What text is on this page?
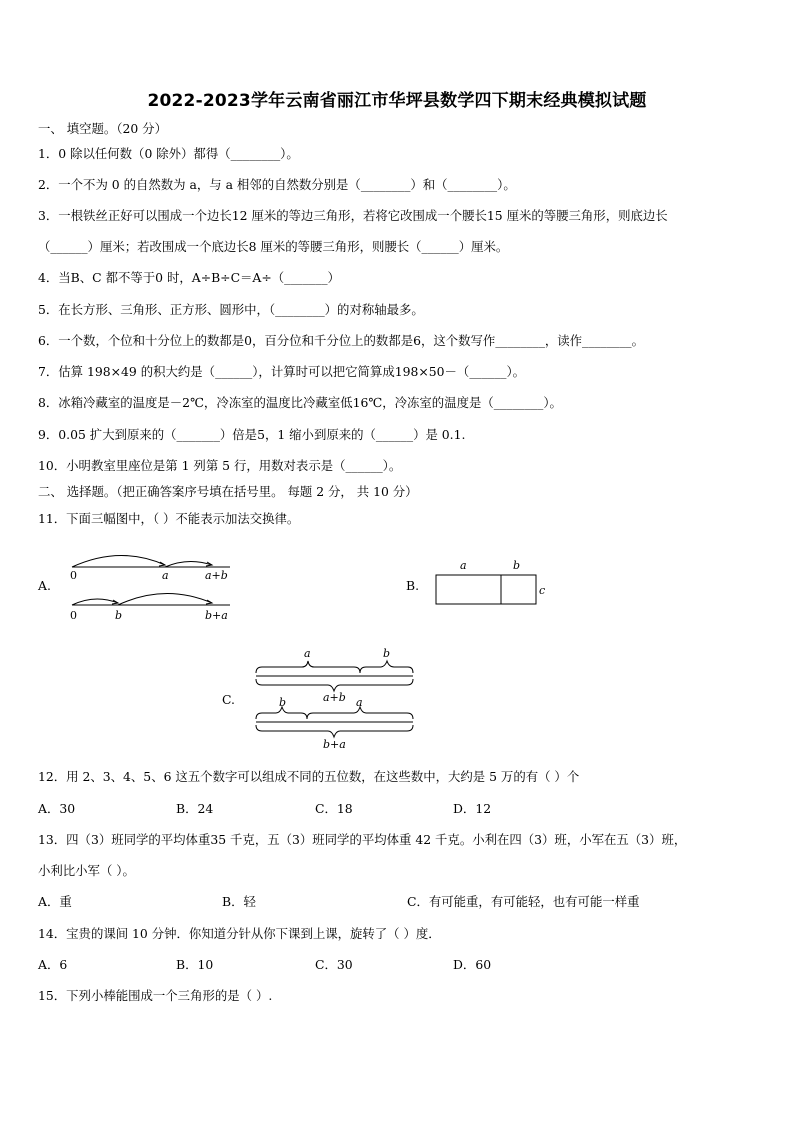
2022-2023学年云南省丽江市华坪县数学四下期末经典模拟试题
一、 填空题。（20 分）
1．0 除以任何数（0 除外）都得（________）。
2．一个不为 0 的自然数为 a，与 a 相邻的自然数分别是（________）和（________）。
3．一根铁丝正好可以围成一个边长12 厘米的等边三角形，若将它改围成一个腰长15 厘米的等腰三角形，则底边长
（______）厘米；若改围成一个底边长8 厘米的等腰三角形，则腰长（______）厘米。
4．当B、C 都不等于0 时，A÷B÷C＝A÷（_______）
5．在长方形、三角形、正方形、圆形中，（________）的对称轴最多。
6．一个数，个位和十分位上的数都是0，百分位和千分位上的数都是6，这个数写作________，读作________。
7．估算 198×49 的积大约是（______），计算时可以把它简算成198×50－（______）。
8．冰箱冷藏室的温度是－2℃，冷冻室的温度比冷藏室低16℃，冷冻室的温度是（________）。
9．0.05 扩大到原来的（_______）倍是5，1 缩小到原来的（______）是 0.1.
10．小明教室里座位是第 1 列第 5 行，用数对表示是（______）。
二、 选择题。（把正确答案序号填在括号里。 每题 2 分， 共 10 分）
11．下面三幅图中，（ ）不能表示加法交换律。
A.
0	a	a+b
0	b	b+a
B.
a	b
c
C.
a	b
a+b
b	a
b+a
12．用 2、3、4、5、6 这五个数字可以组成不同的五位数，在这些数中，大约是 5 万的有（ ）个
A．30	B．24	C．18	D．12
13．四（3）班同学的平均体重35 千克，五（3）班同学的平均体重 42 千克。小利在四（3）班，小军在五（3）班，
小利比小军（ ）。
A．重	B．轻	C．有可能重，有可能轻，也有可能一样重
14．宝贵的课间 10 分钟．你知道分针从你下课到上课，旋转了（ ）度．
A．6	B．10	C．30	D．60
15．下列小棒能围成一个三角形的是（ ）.
